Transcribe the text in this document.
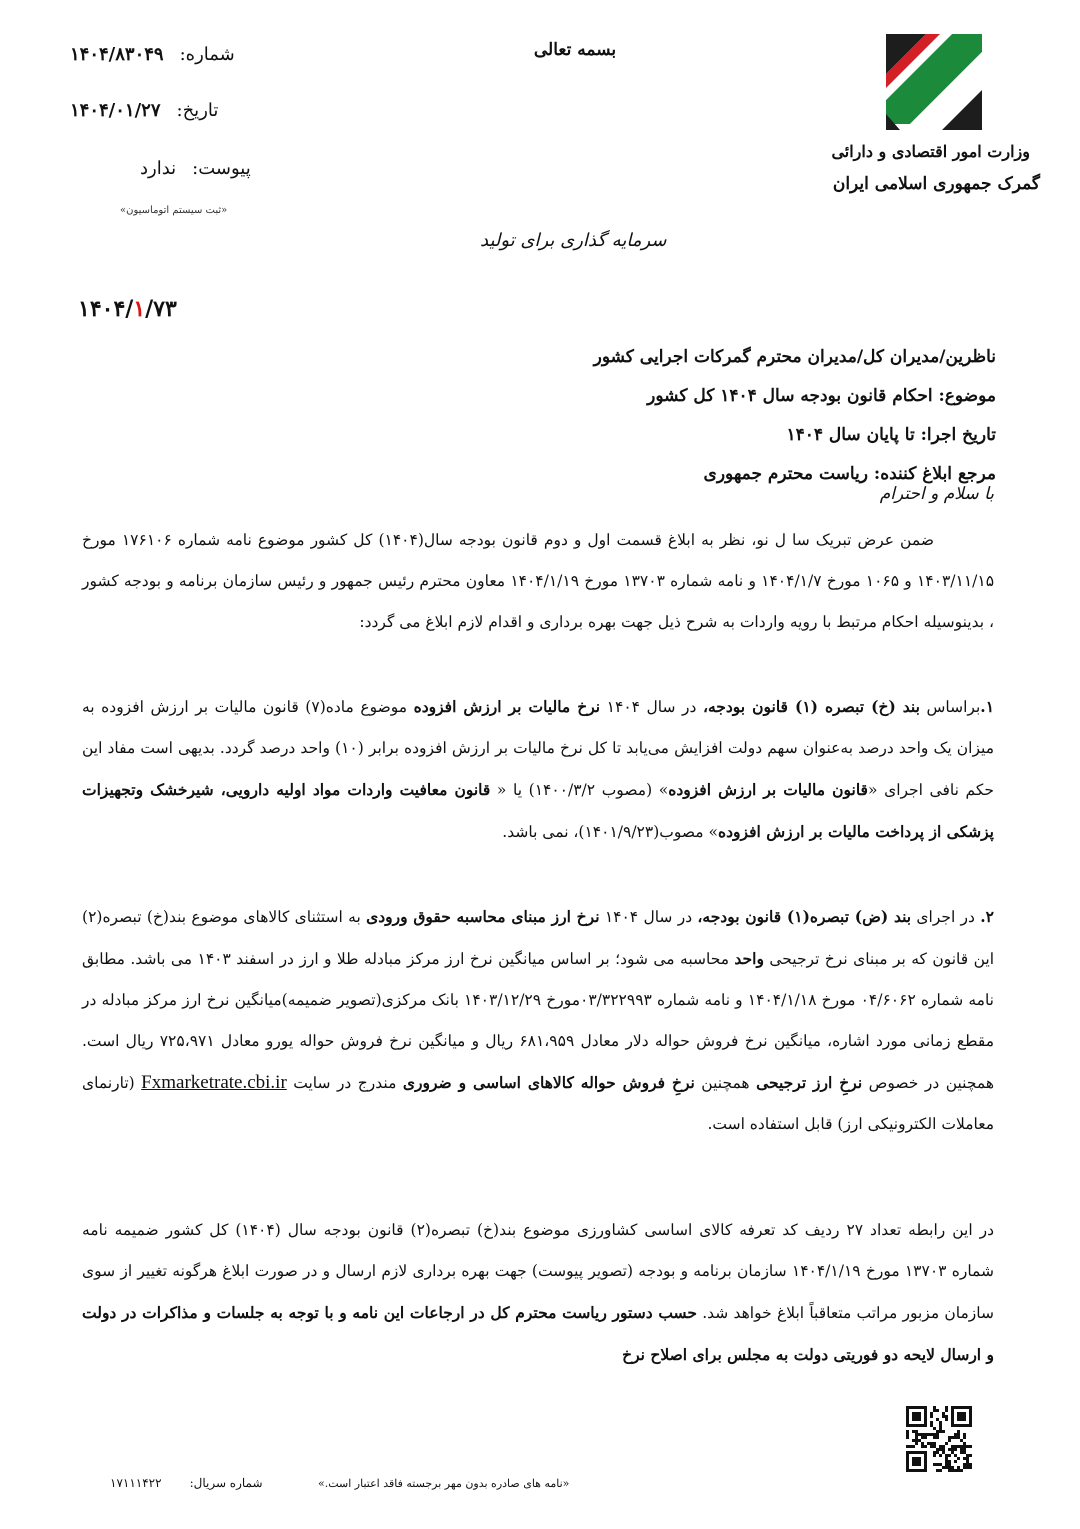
وزارت امور اقتصادی و دارائی
گمرک جمهوری اسلامی ایران
بسمه تعالی
شماره:۱۴۰۴/۸۳۰۴۹
تاریخ:۱۴۰۴/۰۱/۲۷
پیوست:ندارد
«ثبت سیستم اتوماسیون»
سرمایه گذاری برای تولید
۱۴۰۴/۱/۷۳
ناظرین/مدیران کل/مدیران محترم گمرکات اجرایی کشور
موضوع: احکام قانون بودجه سال ۱۴۰۴ کل کشور
تاریخ اجرا: تا پایان سال ۱۴۰۴
مرجع ابلاغ کننده: ریاست محترم جمهوری
با سلام و احترام
ضمن عرض تبریک سا ل نو، نظر به ابلاغ قسمت اول و دوم قانون بودجه سال(۱۴۰۴) کل کشور موضوع نامه شماره ۱۷۶۱۰۶ مورخ ۱۴۰۳/۱۱/۱۵ و ۱۰۶۵ مورخ ۱۴۰۴/۱/۷ و نامه شماره ۱۳۷۰۳ مورخ ۱۴۰۴/۱/۱۹ معاون محترم رئیس جمهور و رئیس سازمان برنامه و بودجه کشور ، بدینوسیله احکام مرتبط با رویه واردات به شرح ذیل جهت بهره برداری و اقدام لازم ابلاغ می گردد:
۱.براساس بند (خ) تبصره (۱) قانون بودجه، در سال ۱۴۰۴ نرخ مالیات بر ارزش افزوده موضوع ماده(۷) قانون مالیات بر ارزش افزوده به میزان یک واحد درصد به‌عنوان سهم دولت افزایش می‌یابد تا کل نرخ مالیات بر ارزش افزوده برابر (۱۰) واحد درصد گردد. بدیهی است مفاد این حکم نافی اجرای «قانون مالیات بر ارزش افزوده» (مصوب ۱۴۰۰/۳/۲) یا « قانون معافیت واردات مواد اولیه دارویی، شیرخشک وتجهیزات پزشکی از پرداخت مالیات بر ارزش افزوده» مصوب(۱۴۰۱/۹/۲۳)، نمی باشد.
۲. در اجرای بند (ض) تبصره(۱) قانون بودجه، در سال ۱۴۰۴ نرخ ارز مبنای محاسبه حقوق ورودی به استثنای کالاهای موضوع بند(خ) تبصره(۲) این قانون که بر مبنای نرخ ترجیحی واحد محاسبه می شود؛ بر اساس میانگین نرخ ارز مرکز مبادله طلا و ارز در اسفند ۱۴۰۳ می باشد. مطابق نامه شماره ۰۴/۶۰۶۲ مورخ ۱۴۰۴/۱/۱۸ و نامه شماره ۰۳/۳۲۲۹۹۳مورخ ۱۴۰۳/۱۲/۲۹ بانک مرکزی(تصویر ضمیمه)میانگین نرخ ارز مرکز مبادله در مقطع زمانی مورد اشاره، میانگین نرخ فروش حواله دلار معادل ۶۸۱،۹۵۹ ریال و میانگین نرخ فروش حواله یورو معادل ۷۲۵،۹۷۱ ریال است. همچنین در خصوص نرخِ ارز ترجیحی همچنین نرخِ فروش حواله کالاهای اساسی و ضروری مندرج در سایت Fxmarketrate.cbi.ir (تارنمای معاملات الکترونیکی ارز) قابل استفاده است.
در این رابطه تعداد ۲۷ ردیف کد تعرفه کالای اساسی کشاورزی موضوع بند(خ) تبصره(۲) قانون بودجه سال (۱۴۰۴) کل کشور ضمیمه نامه شماره ۱۳۷۰۳ مورخ ۱۴۰۴/۱/۱۹ سازمان برنامه و بودجه (تصویر پیوست) جهت بهره برداری لازم ارسال و در صورت ابلاغ هرگونه تغییر از سوی سازمان مزبور مراتب متعاقباً ابلاغ خواهد شد. حسب دستور ریاست محترم کل در ارجاعات این نامه و با توجه به جلسات و مذاکرات در دولت و ارسال لایحه دو فوریتی دولت به مجلس برای اصلاح نرخ
«نامه های صادره بدون مهر برجسته فاقد اعتبار است.»
شماره سریال:۱۷۱۱۱۴۲۲
